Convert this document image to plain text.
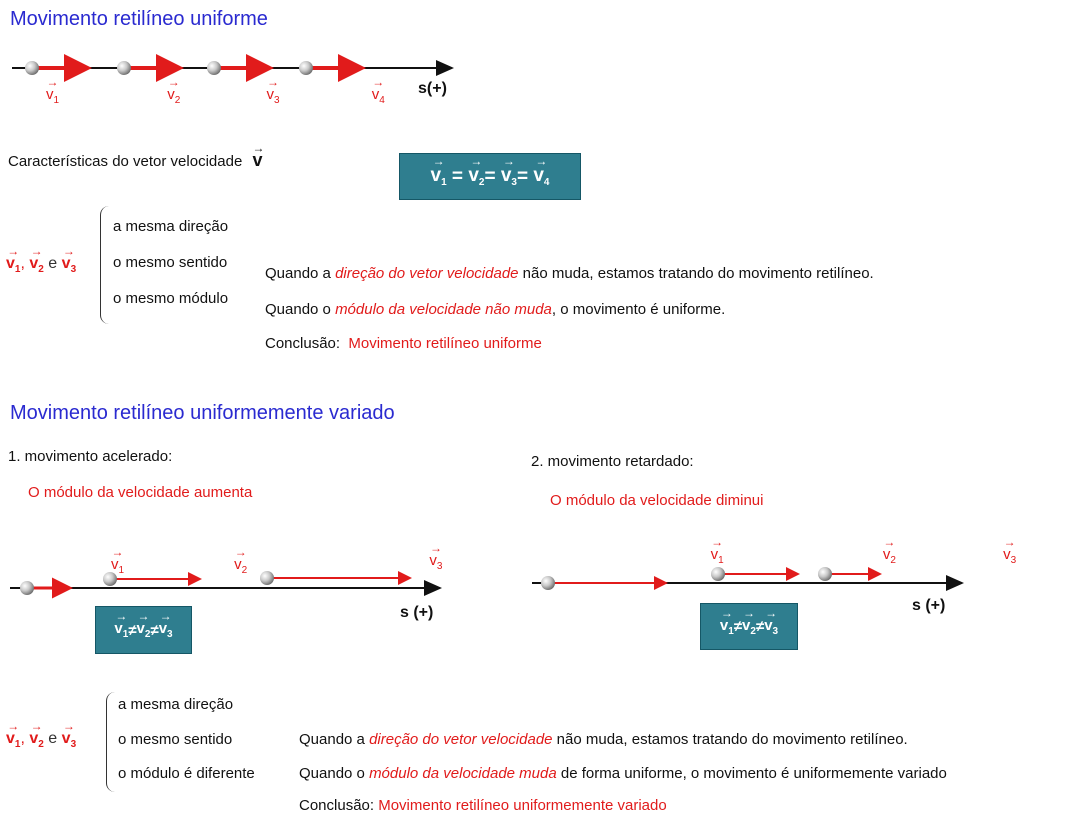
Movimento retilíneo uniforme
→
$v_1$
→
$v_2$
→
$v_3$
→
$v_4$
s(+)
Características do vetor velocidade
→
v	→
$v_1$ =
→
$v_2$ =
→
$v_3$ =
→
$v_4$
→
$v_1$,
→
$v_2$ e
→
$v_3$
a mesma direção
o mesmo sentido
o mesmo módulo
Quando a direção do vetor velocidade não muda, estamos tratando do movimento retilíneo.
Quando o módulo da velocidade não muda, o movimento é uniforme.
Conclusão: Movimento retilíneo uniforme
Movimento retilíneo uniformemente variado
1. movimento acelerado:
O módulo da velocidade aumenta
2. movimento retardado:
O módulo da velocidade diminui
→
$v_1$
→
$v_2$
→
$v_3$
s (+)
→
$v_1$ ≠
→
$v_2$ ≠
→
$v_3$
→
$v_1$
→
$v_2$
→
$v_3$
s (+)
→
$v_1$ ≠
→
$v_2$ ≠
→
$v_3$
→
$v_1$,
→
$v_2$ e
→
$v_3$
a mesma direção
o mesmo sentido
o módulo é diferente
Quando a direção do vetor velocidade não muda, estamos tratando do movimento retilíneo.
Quando o módulo da velocidade muda de forma uniforme, o movimento é uniformemente variado
Conclusão: Movimento retilíneo uniformemente variado
